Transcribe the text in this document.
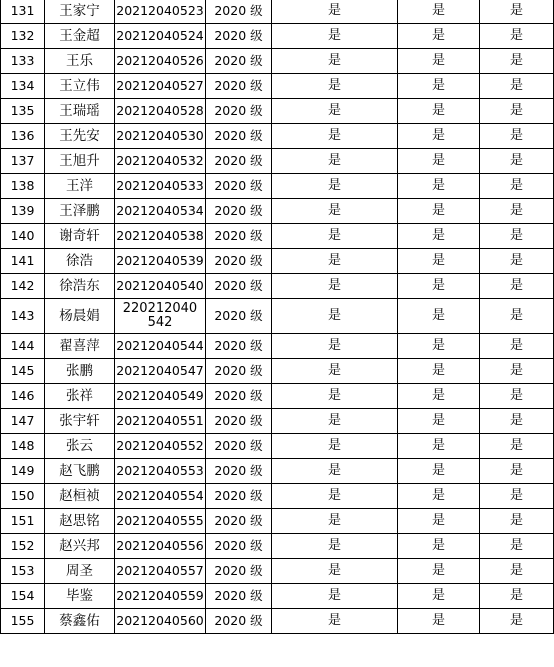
131	王家宁	20212040523	2020 级	是	是	是
132	王金超	20212040524	2020 级	是	是	是
133	王乐	20212040526	2020 级	是	是	是
134	王立伟	20212040527	2020 级	是	是	是
135	王瑞瑶	20212040528	2020 级	是	是	是
136	王先安	20212040530	2020 级	是	是	是
137	王旭升	20212040532	2020 级	是	是	是
138	王洋	20212040533	2020 级	是	是	是
139	王泽鹏	20212040534	2020 级	是	是	是
140	谢奇轩	20212040538	2020 级	是	是	是
141	徐浩	20212040539	2020 级	是	是	是
142	徐浩东	20212040540	2020 级	是	是	是
143	杨晨娟	220212040542	2020 级	是	是	是
144	翟喜萍	20212040544	2020 级	是	是	是
145	张鹏	20212040547	2020 级	是	是	是
146	张祥	20212040549	2020 级	是	是	是
147	张宇轩	20212040551	2020 级	是	是	是
148	张云	20212040552	2020 级	是	是	是
149	赵飞鹏	20212040553	2020 级	是	是	是
150	赵桓祯	20212040554	2020 级	是	是	是
151	赵思铭	20212040555	2020 级	是	是	是
152	赵兴邦	20212040556	2020 级	是	是	是
153	周圣	20212040557	2020 级	是	是	是
154	毕鉴	20212040559	2020 级	是	是	是
155	蔡鑫佑	20212040560	2020 级	是	是	是
